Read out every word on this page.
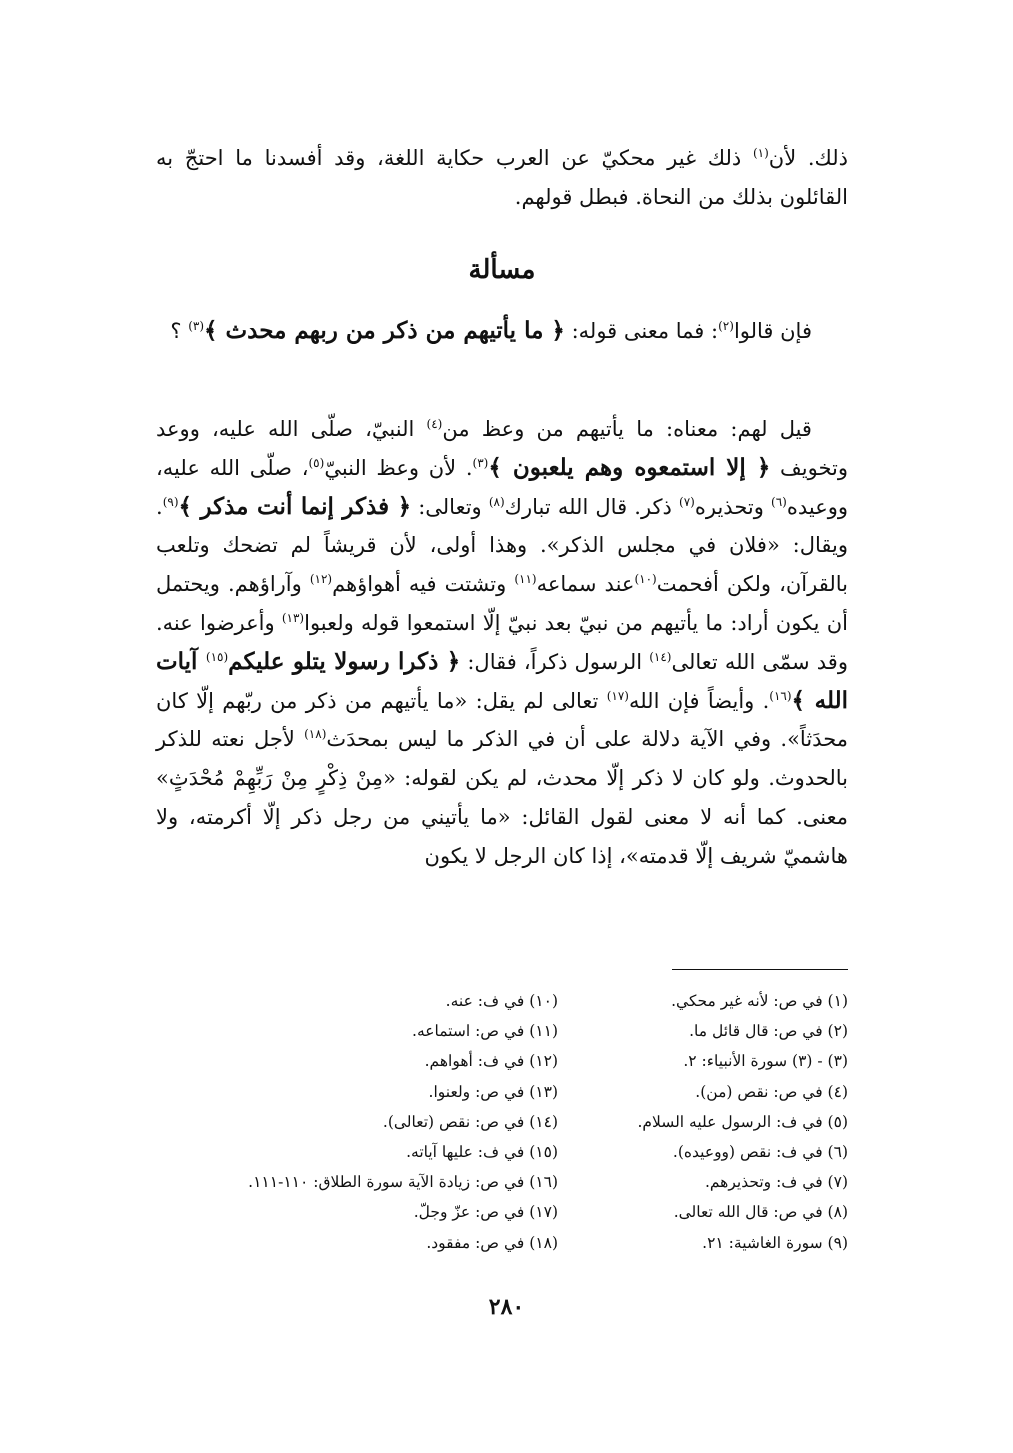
ذلك. لأن$^{(١)}$ ذلك غير محكيّ عن العرب حكاية اللغة، وقد أفسدنا ما احتجّ به القائلون بذلك من النحاة. فبطل قولهم.

مسألة

فإن قالوا$^{(٢)}$: فما معنى قوله: ﴿ ما يأتيهم من ذكر من ربهم محدث ﴾$^{(٣)}$ ؟

قيل لهم: معناه: ما يأتيهم من وعظ من$^{(٤)}$ النبيّ، صلّى الله عليه، ووعد وتخويف ﴿ إلا استمعوه وهم يلعبون ﴾$^{(٣)}$. لأن وعظ النبيّ$^{(٥)}$، صلّى الله عليه، ووعيده$^{(٦)}$ وتحذيره$^{(٧)}$ ذكر. قال الله تبارك$^{(٨)}$ وتعالى: ﴿ فذكر إنما أنت مذكر ﴾$^{(٩)}$. ويقال: «فلان في مجلس الذكر». وهذا أولى، لأن قريشاً لم تضحك وتلعب بالقرآن، ولكن أفحمت$^{(١٠)}$عند سماعه$^{(١١)}$ وتشتت فيه أهواؤهم$^{(١٢)}$ وآراؤهم. ويحتمل أن يكون أراد: ما يأتيهم من نبيّ بعد نبيّ إلّا استمعوا قوله ولعبوا$^{(١٣)}$ وأعرضوا عنه. وقد سمّى الله تعالى$^{(١٤)}$ الرسول ذكراً، فقال: ﴿ ذكرا رسولا يتلو عليكم$^{(١٥)}$ آيات الله ﴾$^{(١٦)}$. وأيضاً فإن الله$^{(١٧)}$ تعالى لم يقل: «ما يأتيهم من ذكر من ربّهم إلّا كان محدَثاً». وفي الآية دلالة على أن في الذكر ما ليس بمحدَث$^{(١٨)}$ لأجل نعته للذكر بالحدوث. ولو كان لا ذكر إلّا محدث، لم يكن لقوله: «مِنْ ذِكْرٍ مِنْ رَبِّهِمْ مُحْدَثٍ» معنى. كما أنه لا معنى لقول القائل: «ما يأتيني من رجل ذكر إلّا أكرمته، ولا هاشميّ شريف إلّا قدمته»، إذا كان الرجل لا يكون

(١) في ص: لأنه غير محكي.
(٢) في ص: قال قائل ما.
(٣) - (٣) سورة الأنبياء: ٢.
(٤) في ص: نقص (من).
(٥) في ف: الرسول عليه السلام.
(٦) في ف: نقص (ووعيده).
(٧) في ف: وتحذيرهم.
(٨) في ص: قال الله تعالى.
(٩) سورة الغاشية: ٢١.
(١٠) في ف: عنه.
(١١) في ص: استماعه.
(١٢) في ف: أهواهم.
(١٣) في ص: ولعنوا.
(١٤) في ص: نقص (تعالى).
(١٥) في ف: عليها آياته.
(١٦) في ص: زيادة الآية سورة الطلاق: ١١٠-١١١.
(١٧) في ص: عزّ وجلّ.
(١٨) في ص: مفقود.
٢٨٠
